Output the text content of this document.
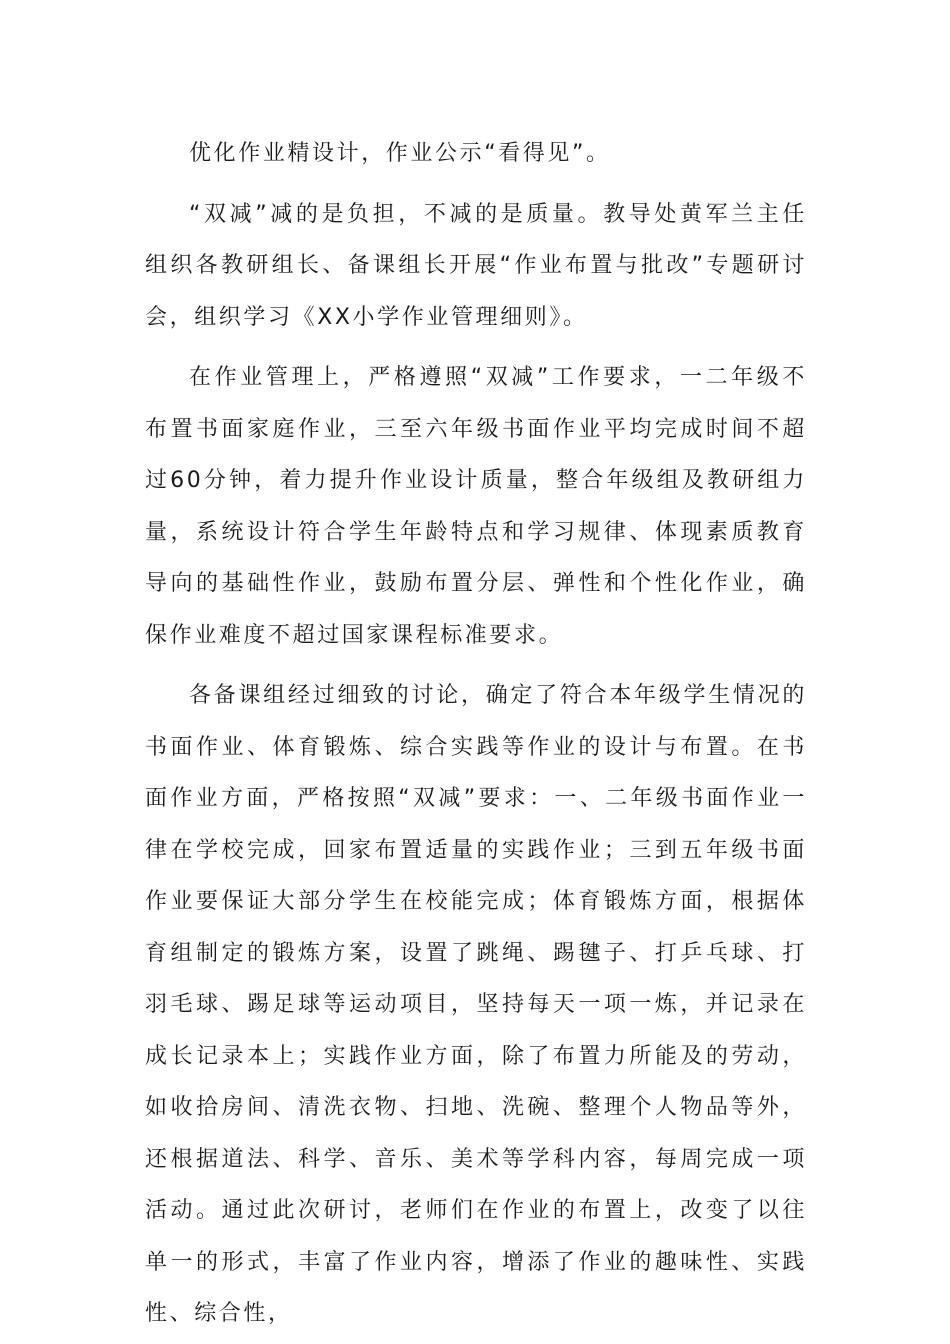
优化作业精设计，作业公示“看得见”。

“双减”减的是负担，不减的是质量。教导处黄军兰主任组织各教研组长、备课组长开展“作业布置与批改”专题研讨会，组织学习《XX小学作业管理细则》。

在作业管理上，严格遵照“双减”工作要求，一二年级不布置书面家庭作业，三至六年级书面作业平均完成时间不超过60分钟，着力提升作业设计质量，整合年级组及教研组力量，系统设计符合学生年龄特点和学习规律、体现素质教育导向的基础性作业，鼓励布置分层、弹性和个性化作业，确保作业难度不超过国家课程标准要求。

各备课组经过细致的讨论，确定了符合本年级学生情况的书面作业、体育锻炼、综合实践等作业的设计与布置。在书面作业方面，严格按照“双减”要求：一、二年级书面作业一律在学校完成，回家布置适量的实践作业；三到五年级书面作业要保证大部分学生在校能完成；体育锻炼方面，根据体育组制定的锻炼方案，设置了跳绳、踢毽子、打乒乓球、打羽毛球、踢足球等运动项目，坚持每天一项一炼，并记录在成长记录本上；实践作业方面，除了布置力所能及的劳动，如收拾房间、清洗衣物、扫地、洗碗、整理个人物品等外，还根据道法、科学、音乐、美术等学科内容，每周完成一项活动。通过此次研讨，老师们在作业的布置上，改变了以往单一的形式，丰富了作业内容，增添了作业的趣味性、实践性、综合性，
